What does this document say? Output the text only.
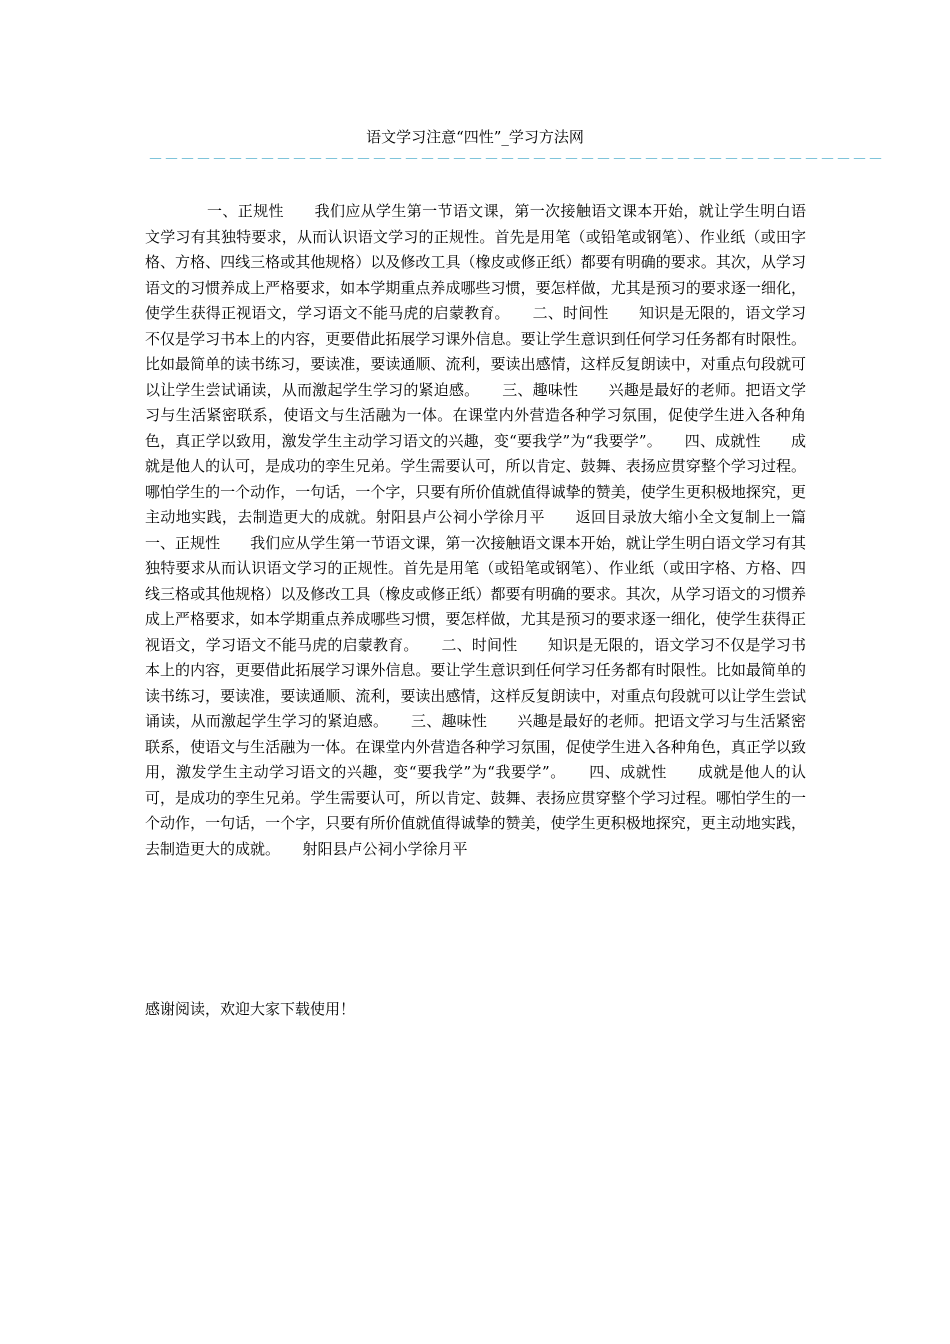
语文学习注意“四性”_学习方法网
－－－－－－－－－－－－－－－－－－－－－－－－－－－－－－－－－－－－－－－－－－－－－－

一、正规性　　我们应从学生第一节语文课，第一次接触语文课本开始，就让学生明白语文学习有其独特要求，从而认识语文学习的正规性。首先是用笔（或铅笔或钢笔）、作业纸（或田字格、方格、四线三格或其他规格）以及修改工具（橡皮或修正纸）都要有明确的要求。其次，从学习语文的习惯养成上严格要求，如本学期重点养成哪些习惯，要怎样做，尤其是预习的要求逐一细化，使学生获得正视语文，学习语文不能马虎的启蒙教育。　　二、时间性　　知识是无限的，语文学习不仅是学习书本上的内容，更要借此拓展学习课外信息。要让学生意识到任何学习任务都有时限性。比如最简单的读书练习，要读准，要读通顺、流利，要读出感情，这样反复朗读中，对重点句段就可以让学生尝试诵读，从而激起学生学习的紧迫感。　　三、趣味性　　兴趣是最好的老师。把语文学习与生活紧密联系，使语文与生活融为一体。在课堂内外营造各种学习氛围，促使学生进入各种角色，真正学以致用，激发学生主动学习语文的兴趣，变“要我学”为“我要学”。　　四、成就性　　成就是他人的认可，是成功的孪生兄弟。学生需要认可，所以肯定、鼓舞、表扬应贯穿整个学习过程。哪怕学生的一个动作，一句话，一个字，只要有所价值就值得诚挚的赞美，使学生更积极地探究，更主动地实践，去制造更大的成就。射阳县卢公祠小学徐月平　　返回目录放大缩小全文复制上一篇　　一、正规性　　我们应从学生第一节语文课，第一次接触语文课本开始，就让学生明白语文学习有其独特要求从而认识语文学习的正规性。首先是用笔（或铅笔或钢笔）、作业纸（或田字格、方格、四线三格或其他规格）以及修改工具（橡皮或修正纸）都要有明确的要求。其次，从学习语文的习惯养成上严格要求，如本学期重点养成哪些习惯，要怎样做，尤其是预习的要求逐一细化，使学生获得正视语文，学习语文不能马虎的启蒙教育。　　二、时间性　　知识是无限的，语文学习不仅是学习书本上的内容，更要借此拓展学习课外信息。要让学生意识到任何学习任务都有时限性。比如最简单的读书练习，要读准，要读通顺、流利，要读出感情，这样反复朗读中，对重点句段就可以让学生尝试诵读，从而激起学生学习的紧迫感。　　三、趣味性　　兴趣是最好的老师。把语文学习与生活紧密联系，使语文与生活融为一体。在课堂内外营造各种学习氛围，促使学生进入各种角色，真正学以致用，激发学生主动学习语文的兴趣，变“要我学”为“我要学”。　　四、成就性　　成就是他人的认可，是成功的孪生兄弟。学生需要认可，所以肯定、鼓舞、表扬应贯穿整个学习过程。哪怕学生的一个动作，一句话，一个字，只要有所价值就值得诚挚的赞美，使学生更积极地探究，更主动地实践，去制造更大的成就。　　射阳县卢公祠小学徐月平

感谢阅读，欢迎大家下载使用！
